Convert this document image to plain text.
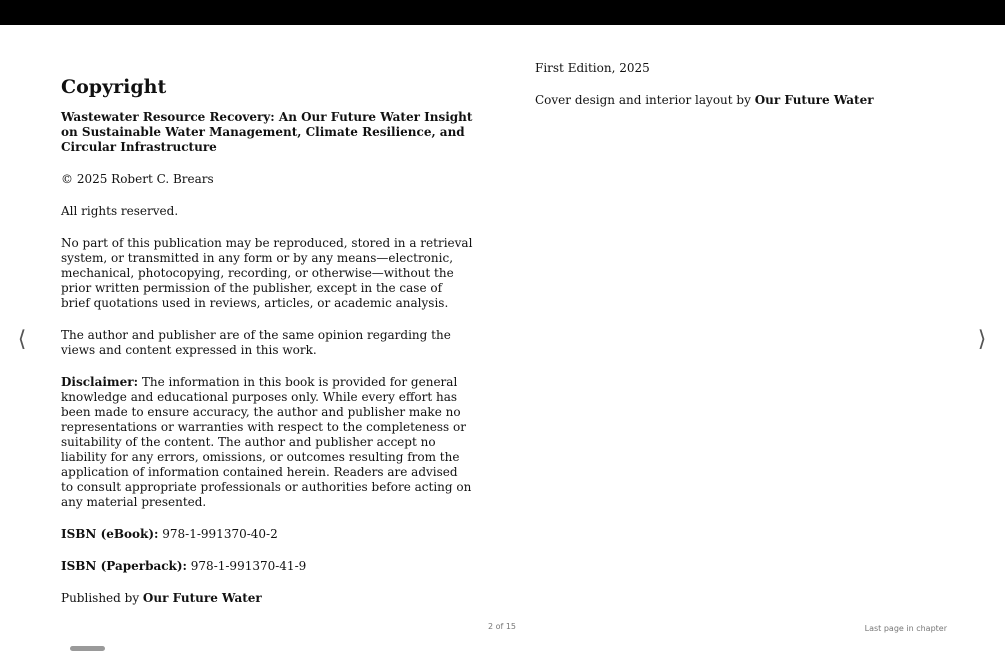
⟨	⟩
Copyright

Wastewater Resource Recovery: An Our Future Water Insight on Sustainable Water Management, Climate Resilience, and Circular Infrastructure

© 2025 Robert C. Brears

All rights reserved.

No part of this publication may be reproduced, stored in a retrieval system, or transmitted in any form or by any means—electronic, mechanical, photocopying, recording, or otherwise—without the prior written permission of the publisher, except in the case of brief quotations used in reviews, articles, or academic analysis.

The author and publisher are of the same opinion regarding the views and content expressed in this work.

Disclaimer: The information in this book is provided for general knowledge and educational purposes only. While every effort has been made to ensure accuracy, the author and publisher make no representations or warranties with respect to the completeness or suitability of the content. The author and publisher accept no liability for any errors, omissions, or outcomes resulting from the application of information contained herein. Readers are advised to consult appropriate professionals or authorities before acting on any material presented.

ISBN (eBook): 978-1-991370-40-2

ISBN (Paperback): 978-1-991370-41-9

Published by Our Future Water

First Edition, 2025

Cover design and interior layout by Our Future Water

2 of 15	Last page in chapter
